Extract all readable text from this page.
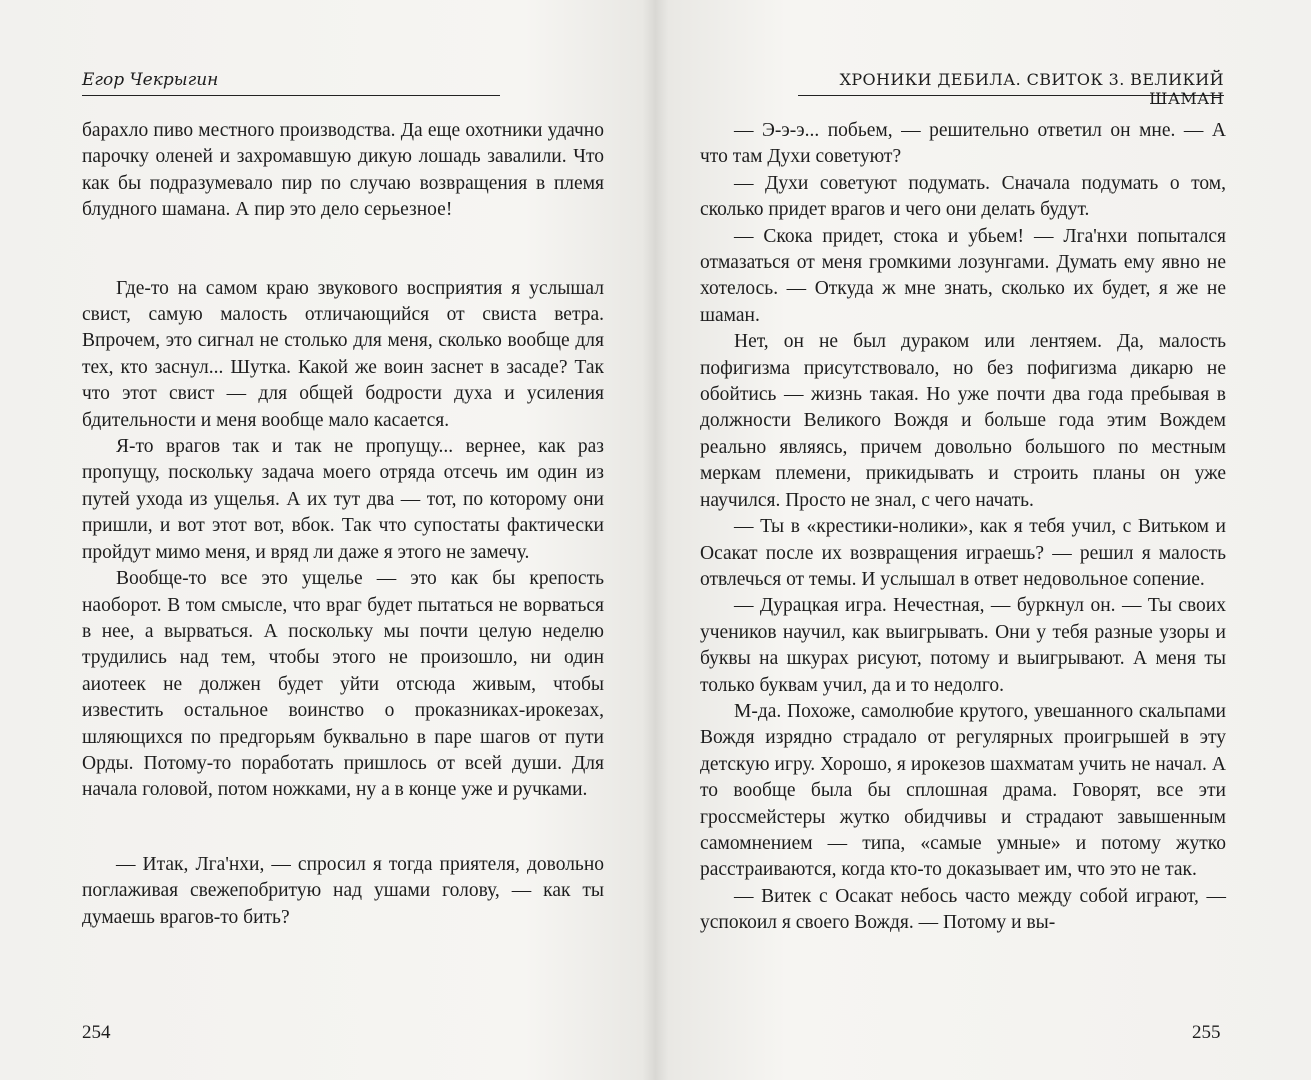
Егор Чекрыгин

барахло пиво местного производства. Да еще охотники удачно парочку оленей и захромавшую дикую лошадь завалили. Что как бы подразумевало пир по случаю возвращения в племя блудного шамана. А пир это дело серьезное!

Где-то на самом краю звукового восприятия я услышал свист, самую малость отличающийся от свиста ветра. Впрочем, это сигнал не столько для меня, сколько вообще для тех, кто заснул... Шутка. Какой же воин заснет в засаде? Так что этот свист — для общей бодрости духа и усиления бдительности и меня вообще мало касается.

Я-то врагов так и так не пропущу... вернее, как раз пропущу, поскольку задача моего отряда отсечь им один из путей ухода из ущелья. А их тут два — тот, по которому они пришли, и вот этот вот, вбок. Так что супостаты фактически пройдут мимо меня, и вряд ли даже я этого не замечу.

Вообще-то все это ущелье — это как бы крепость наоборот. В том смысле, что враг будет пытаться не ворваться в нее, а вырваться. А поскольку мы почти целую неделю трудились над тем, чтобы этого не произошло, ни один аиотеек не должен будет уйти отсюда живым, чтобы известить остальное воинство о проказниках-ирокезах, шляющихся по предгорьям буквально в паре шагов от пути Орды. Потому-то поработать пришлось от всей души. Для начала головой, потом ножками, ну а в конце уже и ручками.

— Итак, Лга'нхи, — спросил я тогда приятеля, довольно поглаживая свежепобритую над ушами голову, — как ты думаешь врагов-то бить?

254
ХРОНИКИ ДЕБИЛА. СВИТОК 3. ВЕЛИКИЙ ШАМАН

— Э-э-э... побьем, — решительно ответил он мне. — А что там Духи советуют?

— Духи советуют подумать. Сначала подумать о том, сколько придет врагов и чего они делать будут.

— Скока придет, стока и убьем! — Лга'нхи попытался отмазаться от меня громкими лозунгами. Думать ему явно не хотелось. — Откуда ж мне знать, сколько их будет, я же не шаман.

Нет, он не был дураком или лентяем. Да, малость пофигизма присутствовало, но без пофигизма дикарю не обойтись — жизнь такая. Но уже почти два года пребывая в должности Великого Вождя и больше года этим Вождем реально являясь, причем довольно большого по местным меркам племени, прикидывать и строить планы он уже научился. Просто не знал, с чего начать.

— Ты в «крестики-нолики», как я тебя учил, с Витьком и Осакат после их возвращения играешь? — решил я малость отвлечься от темы. И услышал в ответ недовольное сопение.

— Дурацкая игра. Нечестная, — буркнул он. — Ты своих учеников научил, как выигрывать. Они у тебя разные узоры и буквы на шкурах рисуют, потому и выигрывают. А меня ты только буквам учил, да и то недолго.

М-да. Похоже, самолюбие крутого, увешанного скальпами Вождя изрядно страдало от регулярных проигрышей в эту детскую игру. Хорошо, я ирокезов шахматам учить не начал. А то вообще была бы сплошная драма. Говорят, все эти гроссмейстеры жутко обидчивы и страдают завышенным самомнением — типа, «самые умные» и потому жутко расстраиваются, когда кто-то доказывает им, что это не так.

— Витек с Осакат небось часто между собой играют, — успокоил я своего Вождя. — Потому и вы-

255
